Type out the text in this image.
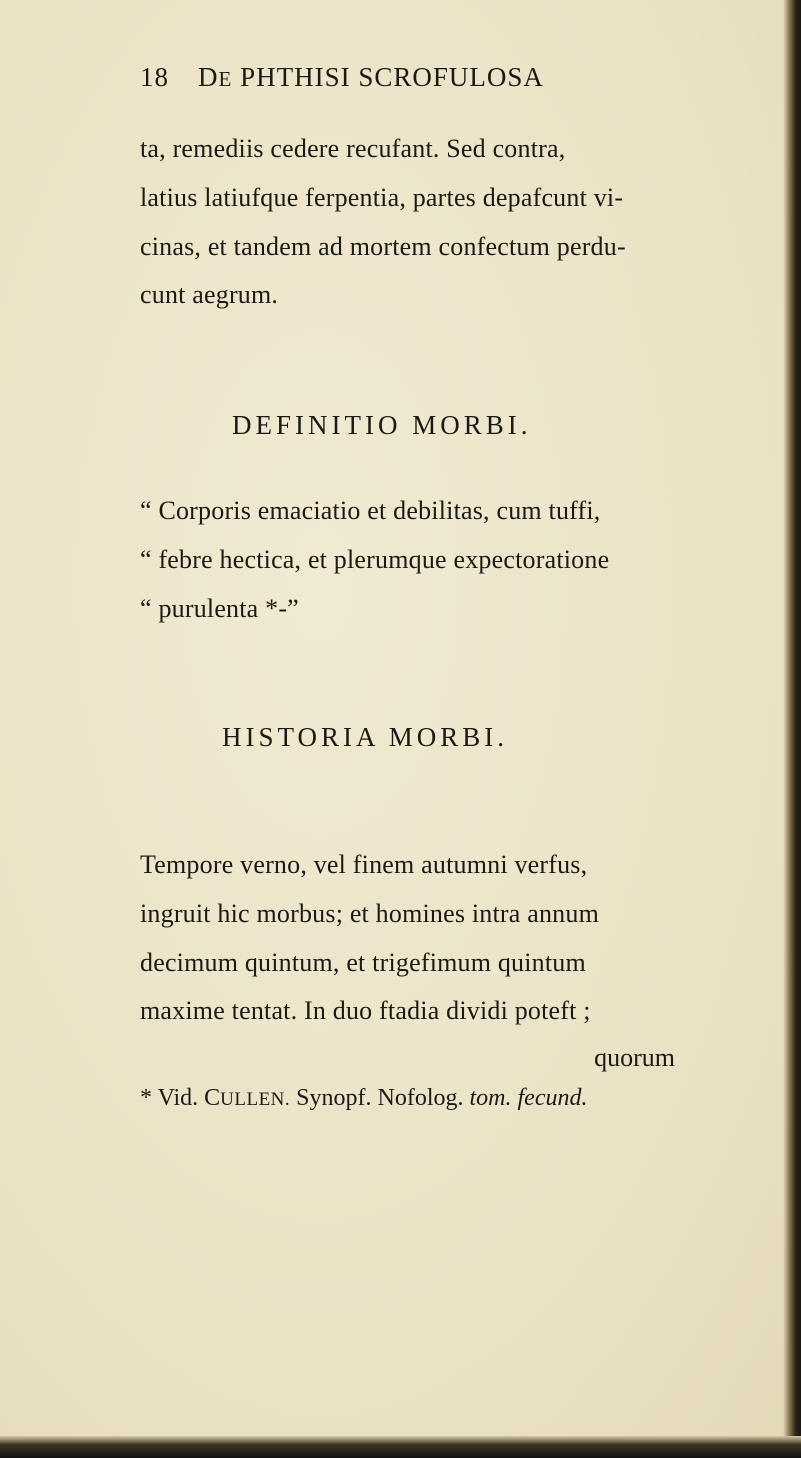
18 DE PHTHISI SCROFULOSA
ta, remediis cedere recufant. Sed contra,
latius latiufque ferpentia, partes depafcunt vi-
cinas, et tandem ad mortem confectum perdu-
cunt aegrum.
DEFINITIO MORBI.
“ Corporis emaciatio et debilitas, cum tuffi,
“ febre hectica, et plerumque expectoratione
“ purulenta *-”
HISTORIA MORBI.
Tempore verno, vel finem autumni verfus,
ingruit hic morbus; et homines intra annum
decimum quintum, et trigefimum quintum
maxime tentat. In duo ftadia dividi poteft ;
quorum
* Vid. CULLEN. Synopf. Nofolog. tom. fecund.
